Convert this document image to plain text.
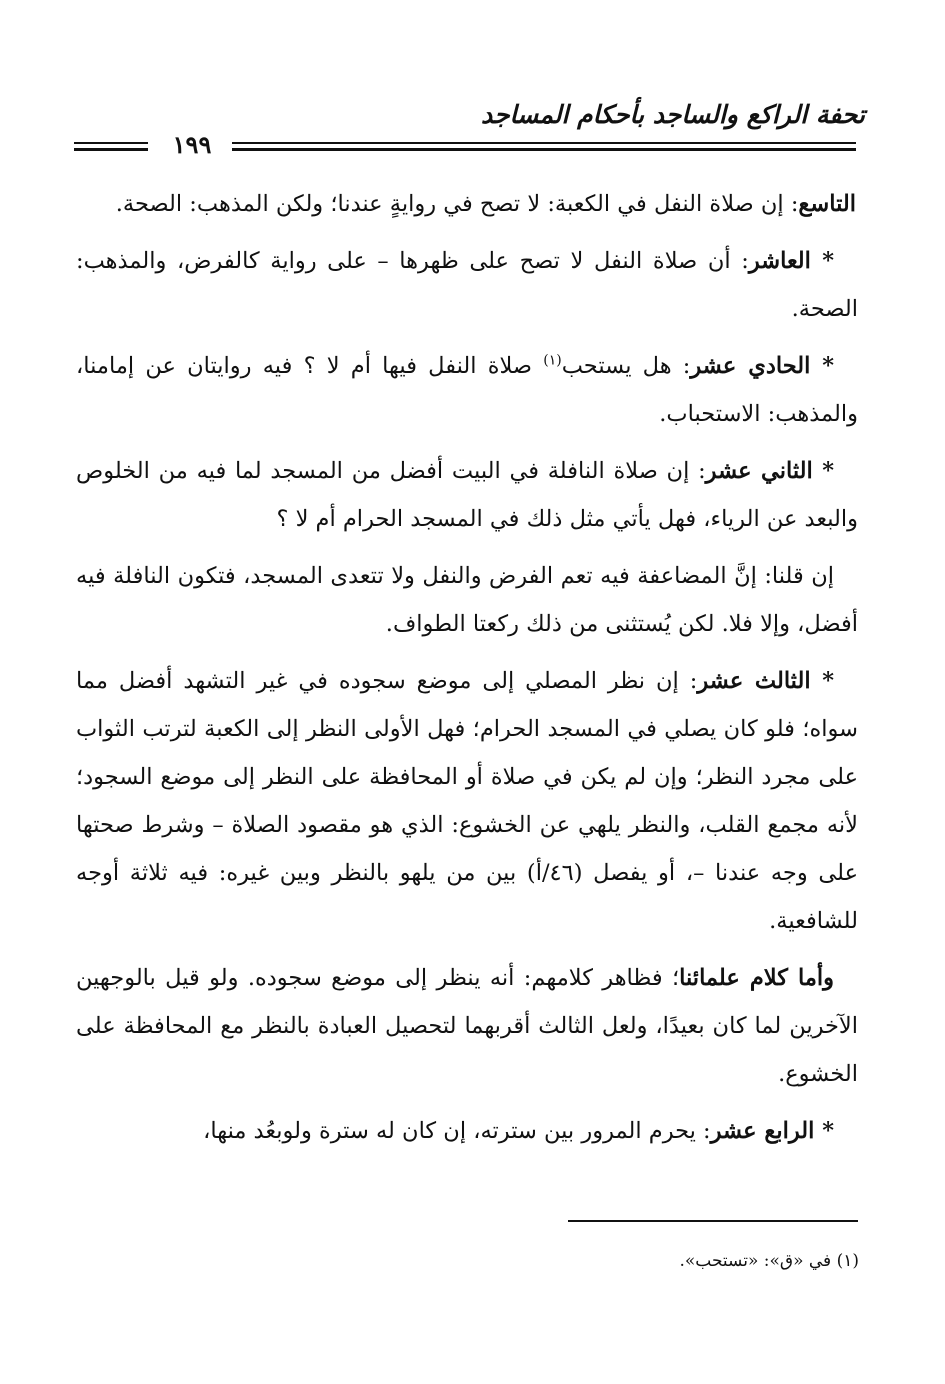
تحفة الراكع والساجد بأحكام المساجد
١٩٩

التاسع: إن صلاة النفل في الكعبة: لا تصح في روايةٍ عندنا؛ ولكن المذهب: الصحة.

* العاشر: أن صلاة النفل لا تصح على ظهرها – على رواية كالفرض، والمذهب: الصحة.

* الحادي عشر: هل يستحب$^{(١)}$ صلاة النفل فيها أم لا ؟ فيه روايتان عن إمامنا، والمذهب: الاستحباب.

* الثاني عشر: إن صلاة النافلة في البيت أفضل من المسجد لما فيه من الخلوص والبعد عن الرياء، فهل يأتي مثل ذلك في المسجد الحرام أم لا ؟

إن قلنا: إنَّ المضاعفة فيه تعم الفرض والنفل ولا تتعدى المسجد، فتكون النافلة فيه أفضل، وإلا فلا. لكن يُستثنى من ذلك ركعتا الطواف.

* الثالث عشر: إن نظر المصلي إلى موضع سجوده في غير التشهد أفضل مما سواه؛ فلو كان يصلي في المسجد الحرام؛ فهل الأولى النظر إلى الكعبة لترتب الثواب على مجرد النظر؛ وإن لم يكن في صلاة أو المحافظة على النظر إلى موضع السجود؛ لأنه مجمع القلب، والنظر يلهي عن الخشوع: الذي هو مقصود الصلاة – وشرط صحتها على وجه عندنا –، أو يفصل (٤٦/أ) بين من يلهو بالنظر وبين غيره: فيه ثلاثة أوجه للشافعية.

وأما كلام علمائنا؛ فظاهر كلامهم: أنه ينظر إلى موضع سجوده. ولو قيل بالوجهين الآخرين لما كان بعيدًا، ولعل الثالث أقربهما لتحصيل العبادة بالنظر مع المحافظة على الخشوع.

* الرابع عشر: يحرم المرور بين سترته، إن كان له سترة ولوبعُد منها،

(١) في «ق»: «تستحب».
